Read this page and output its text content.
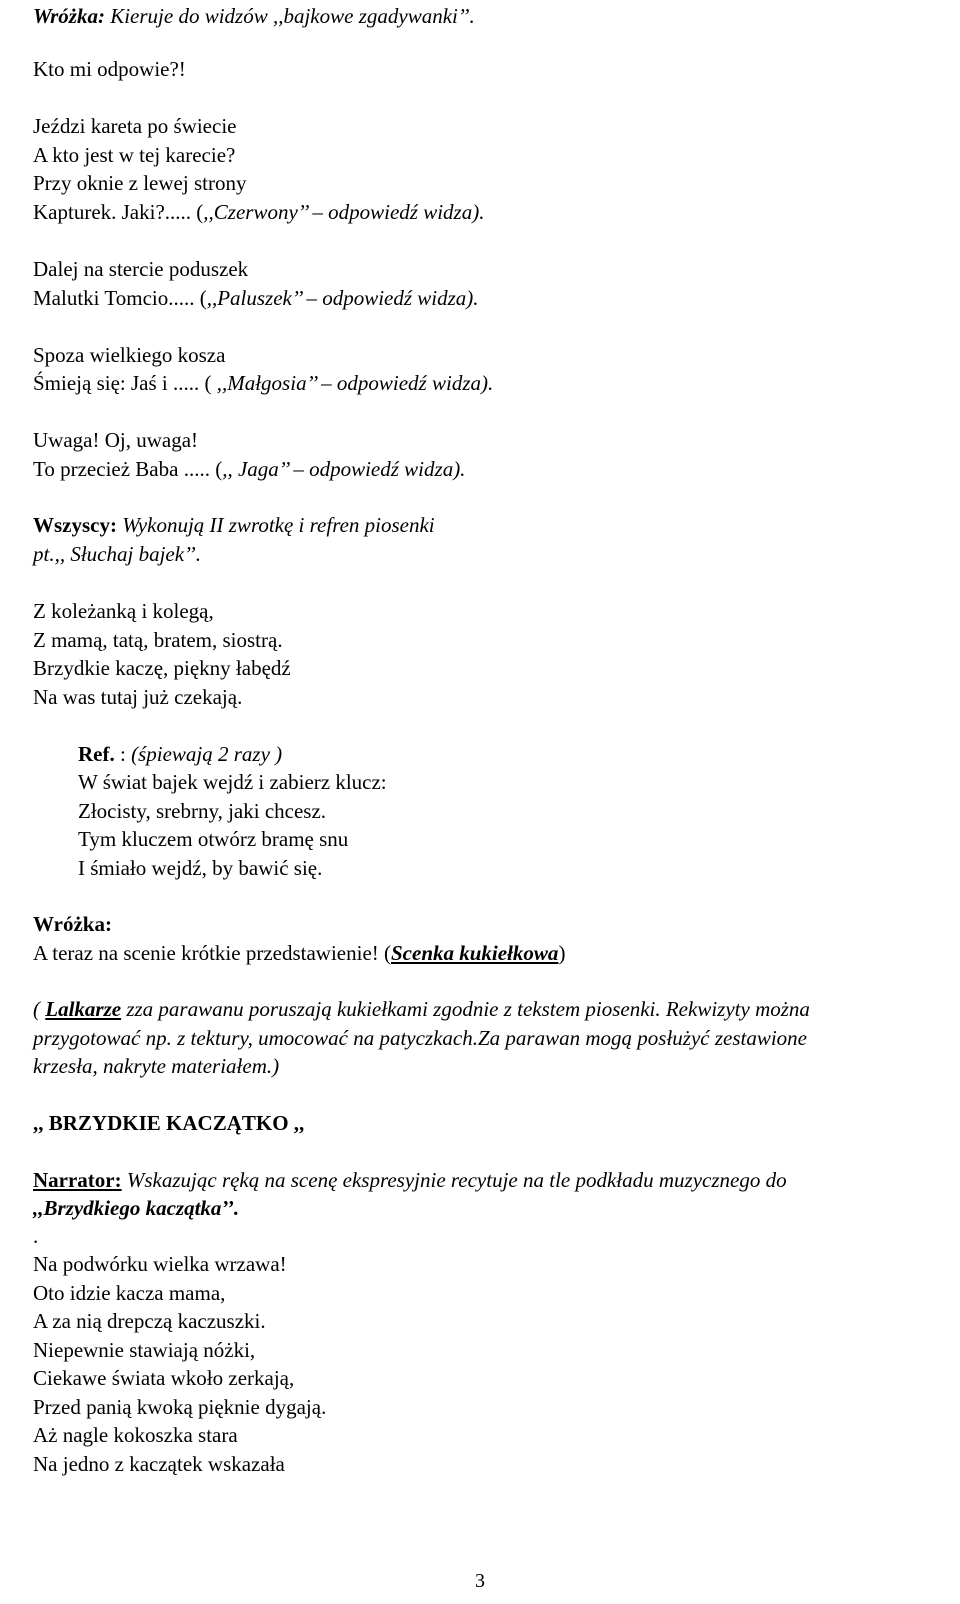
Wróżka: Kieruje do widzów ,,bajkowe zgadywanki’’.
Kto mi odpowie?!
Jeździ kareta po świecie
A kto jest w tej karecie?
Przy oknie z lewej strony
Kapturek. Jaki?..... (,,Czerwony’’ – odpowiedź widza).
Dalej na stercie poduszek
Malutki Tomcio..... (,,Paluszek’’ – odpowiedź widza).
Spoza wielkiego kosza
Śmieją się: Jaś i ..... ( ,,Małgosia’’ – odpowiedź widza).
Uwaga! Oj, uwaga!
To przecież Baba ..... (,, Jaga’’ – odpowiedź widza).
Wszyscy: Wykonują II zwrotkę i refren piosenki
pt.,, Słuchaj bajek’’.
Z koleżanką i kolegą,
Z mamą, tatą, bratem, siostrą.
Brzydkie kaczę, piękny łabędź
Na was tutaj już czekają.
Ref. : (śpiewają 2 razy )
W świat bajek wejdź i zabierz klucz:
Złocisty, srebrny, jaki chcesz.
Tym kluczem otwórz bramę snu
I śmiało wejdź, by bawić się.
Wróżka:
A teraz na scenie krótkie przedstawienie! (Scenka kukiełkowa)
( Lalkarze zza parawanu poruszają kukiełkami zgodnie z tekstem piosenki. Rekwizyty można
przygotować np. z tektury, umocować na patyczkach.Za parawan mogą posłużyć zestawione
krzesła, nakryte materiałem.)
,, BRZYDKIE KACZĄTKO ,,
Narrator: Wskazując ręką na scenę ekspresyjnie recytuje na tle podkładu muzycznego do
,,Brzydkiego kaczątka’’.
.
Na podwórku wielka wrzawa!
Oto idzie kacza mama,
A za nią drepczą kaczuszki.
Niepewnie stawiają nóżki,
Ciekawe świata wkoło zerkają,
Przed panią kwoką pięknie dygają.
Aż nagle kokoszka stara
Na jedno z kaczątek wskazała
3
